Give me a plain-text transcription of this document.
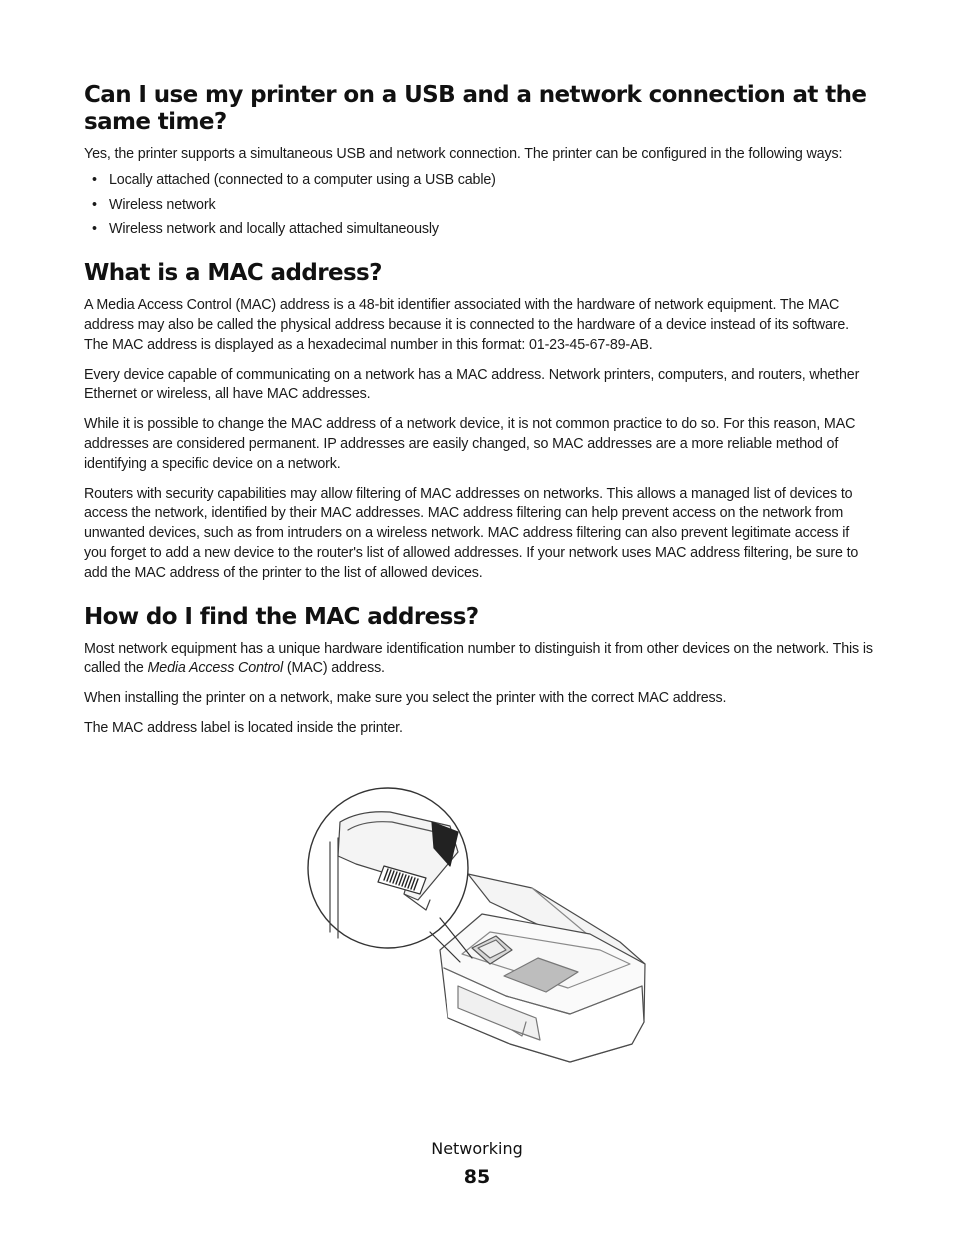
Can I use my printer on a USB and a network connection at the same time?

Yes, the printer supports a simultaneous USB and network connection. The printer can be configured in the following ways:

• Locally attached (connected to a computer using a USB cable)
• Wireless network
• Wireless network and locally attached simultaneously
What is a MAC address?

A Media Access Control (MAC) address is a 48-bit identifier associated with the hardware of network equipment. The MAC address may also be called the physical address because it is connected to the hardware of a device instead of its software. The MAC address is displayed as a hexadecimal number in this format: 01-23-45-67-89-AB.

Every device capable of communicating on a network has a MAC address. Network printers, computers, and routers, whether Ethernet or wireless, all have MAC addresses.

While it is possible to change the MAC address of a network device, it is not common practice to do so. For this reason, MAC addresses are considered permanent. IP addresses are easily changed, so MAC addresses are a more reliable method of identifying a specific device on a network.

Routers with security capabilities may allow filtering of MAC addresses on networks. This allows a managed list of devices to access the network, identified by their MAC addresses. MAC address filtering can help prevent access on the network from unwanted devices, such as from intruders on a wireless network. MAC address filtering can also prevent legitimate access if you forget to add a new device to the router's list of allowed addresses. If your network uses MAC address filtering, be sure to add the MAC address of the printer to the list of allowed devices.

How do I find the MAC address?

Most network equipment has a unique hardware identification number to distinguish it from other devices on the network. This is called the Media Access Control (MAC) address.

When installing the printer on a network, make sure you select the printer with the correct MAC address.

The MAC address label is located inside the printer.

Networking
85
